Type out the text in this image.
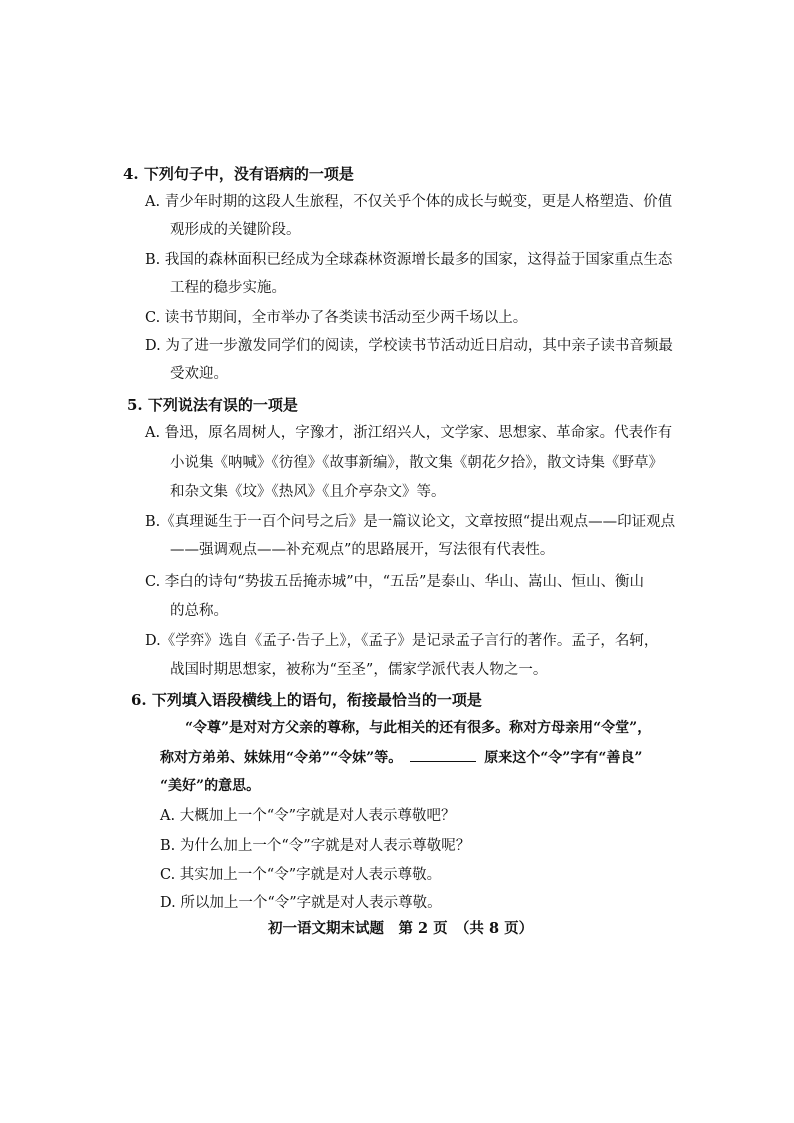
4. 下列句子中，没有语病的一项是
A. 青少年时期的这段人生旅程，不仅关乎个体的成长与蜕变，更是人格塑造、价值
观形成的关键阶段。
B. 我国的森林面积已经成为全球森林资源增长最多的国家，这得益于国家重点生态
工程的稳步实施。
C. 读书节期间，全市举办了各类读书活动至少两千场以上。
D. 为了进一步激发同学们的阅读，学校读书节活动近日启动，其中亲子读书音频最
受欢迎。
5. 下列说法有误的一项是
A. 鲁迅，原名周树人，字豫才，浙江绍兴人，文学家、思想家、革命家。代表作有
小说集《呐喊》《彷徨》《故事新编》，散文集《朝花夕拾》，散文诗集《野草》
和杂文集《坟》《热风》《且介亭杂文》等。
B.《真理诞生于一百个问号之后》是一篇议论文，文章按照“提出观点——印证观点
——强调观点——补充观点”的思路展开，写法很有代表性。
C. 李白的诗句“势拔五岳掩赤城”中，“五岳”是泰山、华山、嵩山、恒山、衡山
的总称。
D.《学弈》选自《孟子·告子上》，《孟子》是记录孟子言行的著作。孟子，名轲，
战国时期思想家，被称为“至圣”，儒家学派代表人物之一。
6. 下列填入语段横线上的语句，衔接最恰当的一项是
“令尊”是对对方父亲的尊称，与此相关的还有很多。称对方母亲用“令堂”，
称对方弟弟、妹妹用“令弟”“令妹”等。	原来这个“令”字有“善良”
“美好”的意思。
A. 大概加上一个“令”字就是对人表示尊敬吧？
B. 为什么加上一个“令”字就是对人表示尊敬呢？
C. 其实加上一个“令”字就是对人表示尊敬。
D. 所以加上一个“令”字就是对人表示尊敬。
初一语文期末试题　第 2 页　（共 8 页）
